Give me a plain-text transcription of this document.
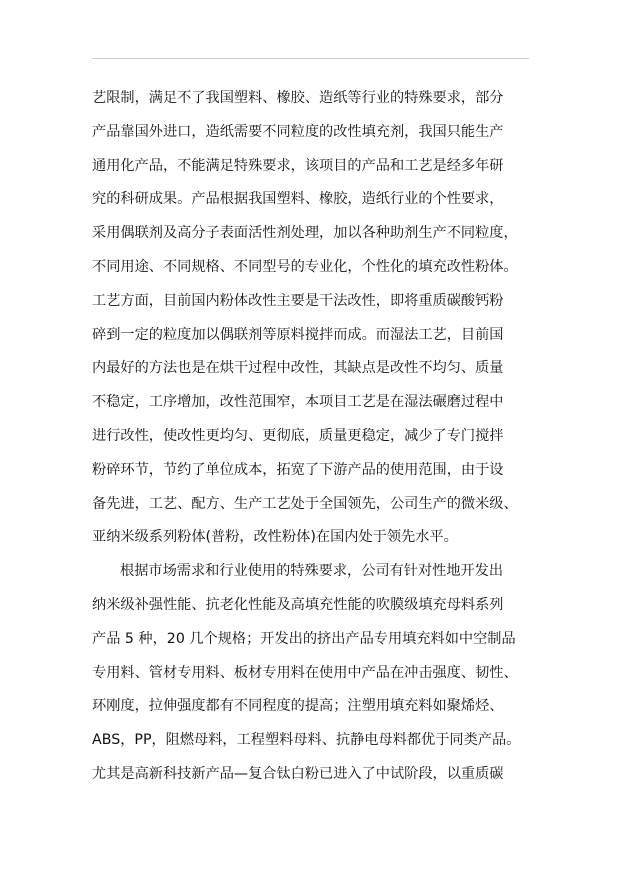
艺限制，满足不了我国塑料、橡胶、造纸等行业的特殊要求，部分
产品靠国外进口，造纸需要不同粒度的改性填充剂，我国只能生产
通用化产品，不能满足特殊要求，该项目的产品和工艺是经多年研
究的科研成果。产品根据我国塑料、橡胶，造纸行业的个性要求，
采用偶联剂及高分子表面活性剂处理，加以各种助剂生产不同粒度，
不同用途、不同规格、不同型号的专业化，个性化的填充改性粉体。
工艺方面，目前国内粉体改性主要是干法改性，即将重质碳酸钙粉
碎到一定的粒度加以偶联剂等原料搅拌而成。而湿法工艺，目前国
内最好的方法也是在烘干过程中改性，其缺点是改性不均匀、质量
不稳定，工序增加，改性范围窄，本项目工艺是在湿法碾磨过程中
进行改性，使改性更均匀、更彻底，质量更稳定，减少了专门搅拌
粉碎环节，节约了单位成本，拓宽了下游产品的使用范围，由于设
备先进，工艺、配方、生产工艺处于全国领先，公司生产的微米级、
亚纳米级系列粉体(普粉，改性粉体)在国内处于领先水平。
根据市场需求和行业使用的特殊要求，公司有针对性地开发出
纳米级补强性能、抗老化性能及高填充性能的吹膜级填充母料系列
产品 5 种，20 几个规格；开发出的挤出产品专用填充料如中空制品
专用料、管材专用料、板材专用料在使用中产品在冲击强度、韧性、
环刚度，拉伸强度都有不同程度的提高；注塑用填充料如聚烯烃、
ABS，PP，阻燃母料，工程塑料母料、抗静电母料都优于同类产品。
尤其是高新科技新产品—复合钛白粉已进入了中试阶段，以重质碳
